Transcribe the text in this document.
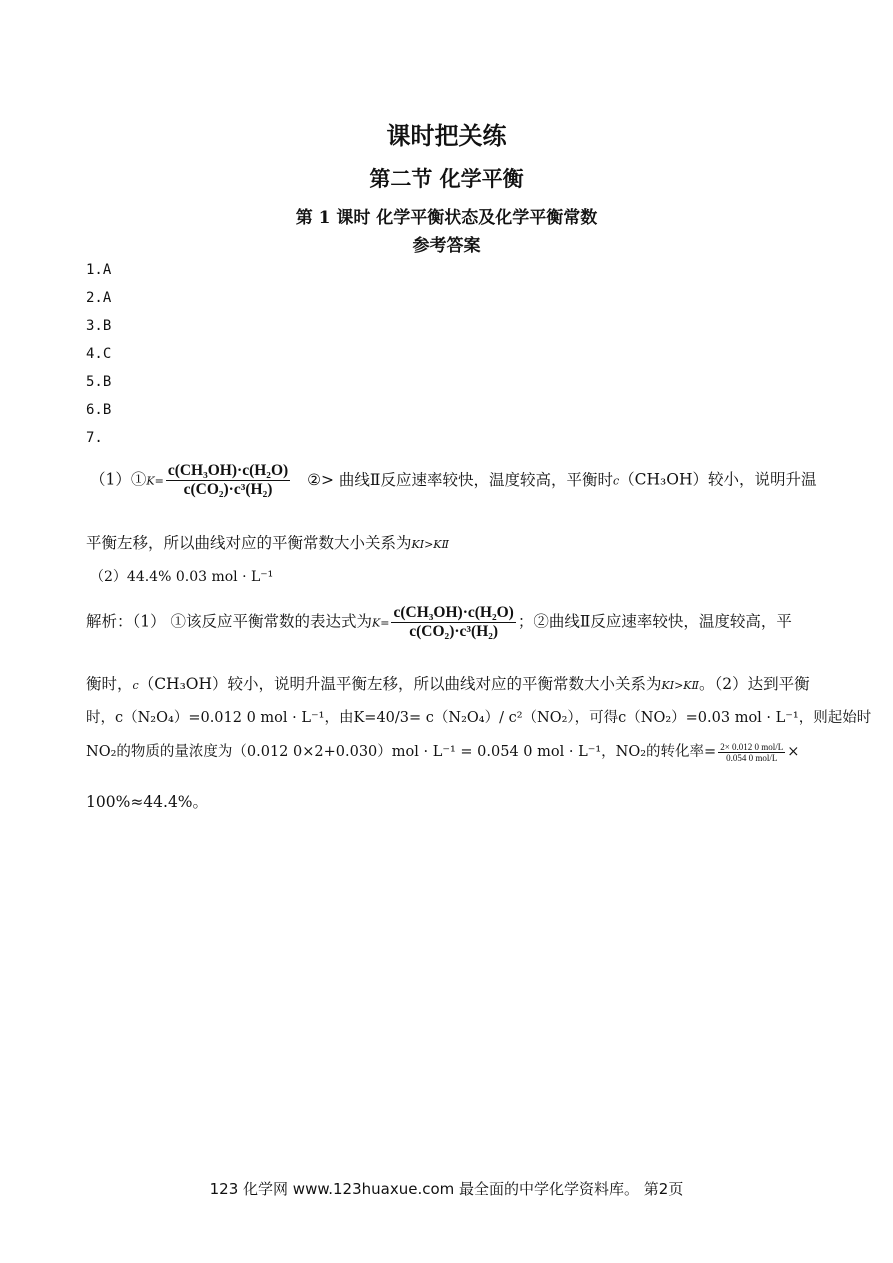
课时把关练
第二节 化学平衡
第 1 课时 化学平衡状态及化学平衡常数
参考答案
1.A
2.A
3.B
4.C
5.B
6.B
7.
（1）①K= $\frac{\text{c(CH₃OH)·c(H₂O)}}{\text{c(CO₂)·c³(H₂)}}$ ②> 曲线Ⅱ反应速率较快，温度较高，平衡时c（CH₃OH）较小，说明升温
平衡左移，所以曲线对应的平衡常数大小关系为KⅠ>KⅡ
（2）44.4% 0.03 mol · L⁻¹
解析：（1） ①该反应平衡常数的表达式为$K= \frac{\text{c(CH₃OH)·c(H₂O)}}{\text{c(CO₂)·c³(H₂)}}$ ；②曲线Ⅱ反应速率较快，温度较高，平
衡时，c（CH₃OH）较小，说明升温平衡左移，所以曲线对应的平衡常数大小关系为KⅠ>KⅡ。（2）达到平衡
时，c（N₂O₄）=0.012 0 mol · L⁻¹，由K=40/3= c（N₂O₄）/ c²（NO₂），可得c（NO₂）=0.03 mol · L⁻¹，则起始时
NO₂的物质的量浓度为（0.012 0×2+0.030）mol · L⁻¹ = 0.054 0 mol · L⁻¹，NO₂的转化率= $\frac{\text{2× 0.012 0 mol/L}}{\text{0.054 0 mol/L}}$ ×
100%≈44.4%。
123 化学网 www.123huaxue.com 最全面的中学化学资料库。 第2页
